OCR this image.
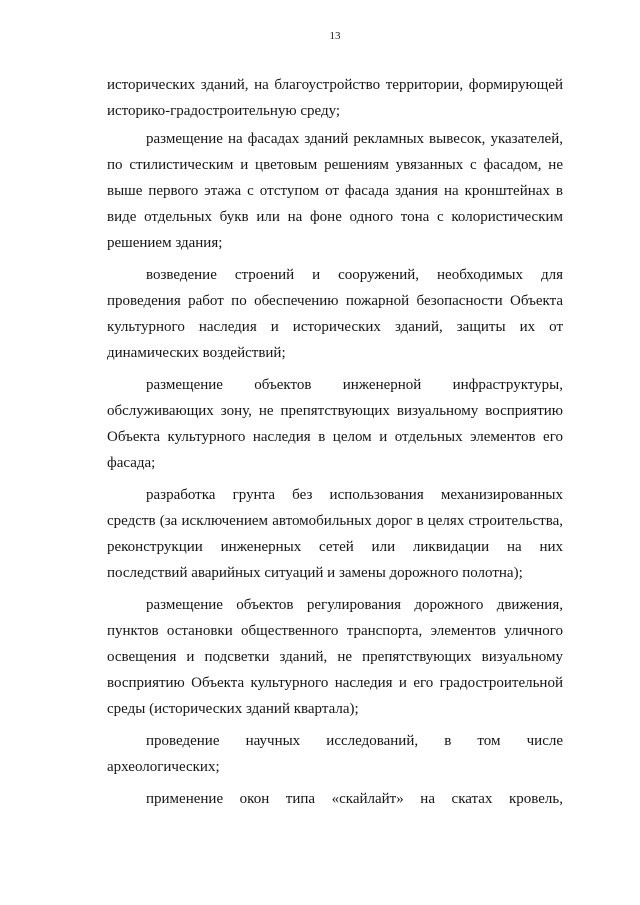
13
исторических зданий, на благоустройство территории, формирующей
историко-градостроительную среду;
размещение на фасадах зданий рекламных вывесок, указателей,
по стилистическим и цветовым решениям увязанных с фасадом, не
выше первого этажа с отступом от фасада здания на кронштейнах в
виде отдельных букв или на фоне одного тона с колористическим
решением здания;
возведение строений и сооружений, необходимых для
проведения работ по обеспечению пожарной безопасности Объекта
культурного наследия и исторических зданий, защиты их от
динамических воздействий;
размещение объектов инженерной инфраструктуры,
обслуживающих зону, не препятствующих визуальному восприятию
Объекта культурного наследия в целом и отдельных элементов его
фасада;
разработка грунта без использования механизированных
средств (за исключением автомобильных дорог в целях строительства,
реконструкции инженерных сетей или ликвидации на них
последствий аварийных ситуаций и замены дорожного полотна);
размещение объектов регулирования дорожного движения,
пунктов остановки общественного транспорта, элементов уличного
освещения и подсветки зданий, не препятствующих визуальному
восприятию Объекта культурного наследия и его градостроительной
среды (исторических зданий квартала);
проведение научных исследований, в том числе
археологических;
применение окон типа «скайлайт» на скатах кровель,
